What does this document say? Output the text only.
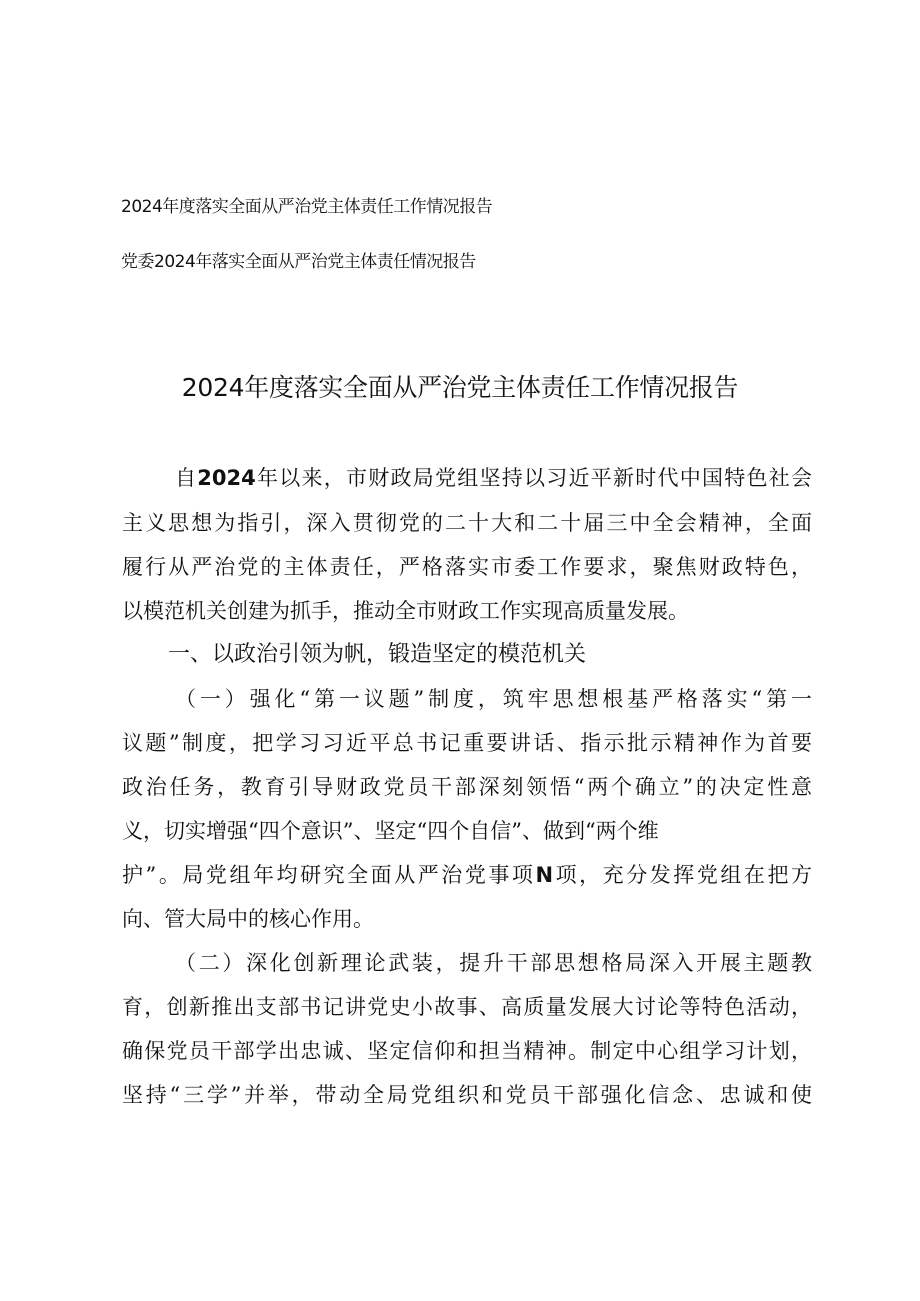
2024年度落实全面从严治党主体责任工作情况报告
党委2024年落实全面从严治党主体责任情况报告
2024年度落实全面从严治党主体责任工作情况报告
自2024年以来，市财政局党组坚持以习近平新时代中国特色社会
主义思想为指引，深入贯彻党的二十大和二十届三中全会精神，全面
履行从严治党的主体责任，严格落实市委工作要求，聚焦财政特色，
以模范机关创建为抓手，推动全市财政工作实现高质量发展。
一、以政治引领为帆，锻造坚定的模范机关
（一）强化“第一议题”制度，筑牢思想根基严格落实“第一
议题”制度，把学习习近平总书记重要讲话、指示批示精神作为首要
政治任务，教育引导财政党员干部深刻领悟“两个确立”的决定性意
义，切实增强“四个意识”、坚定“四个自信”、做到“两个维
护”。局党组年均研究全面从严治党事项N项，充分发挥党组在把方
向、管大局中的核心作用。
（二）深化创新理论武装，提升干部思想格局深入开展主题教
育，创新推出支部书记讲党史小故事、高质量发展大讨论等特色活动，
确保党员干部学出忠诚、坚定信仰和担当精神。制定中心组学习计划，
坚持“三学”并举，带动全局党组织和党员干部强化信念、忠诚和使
